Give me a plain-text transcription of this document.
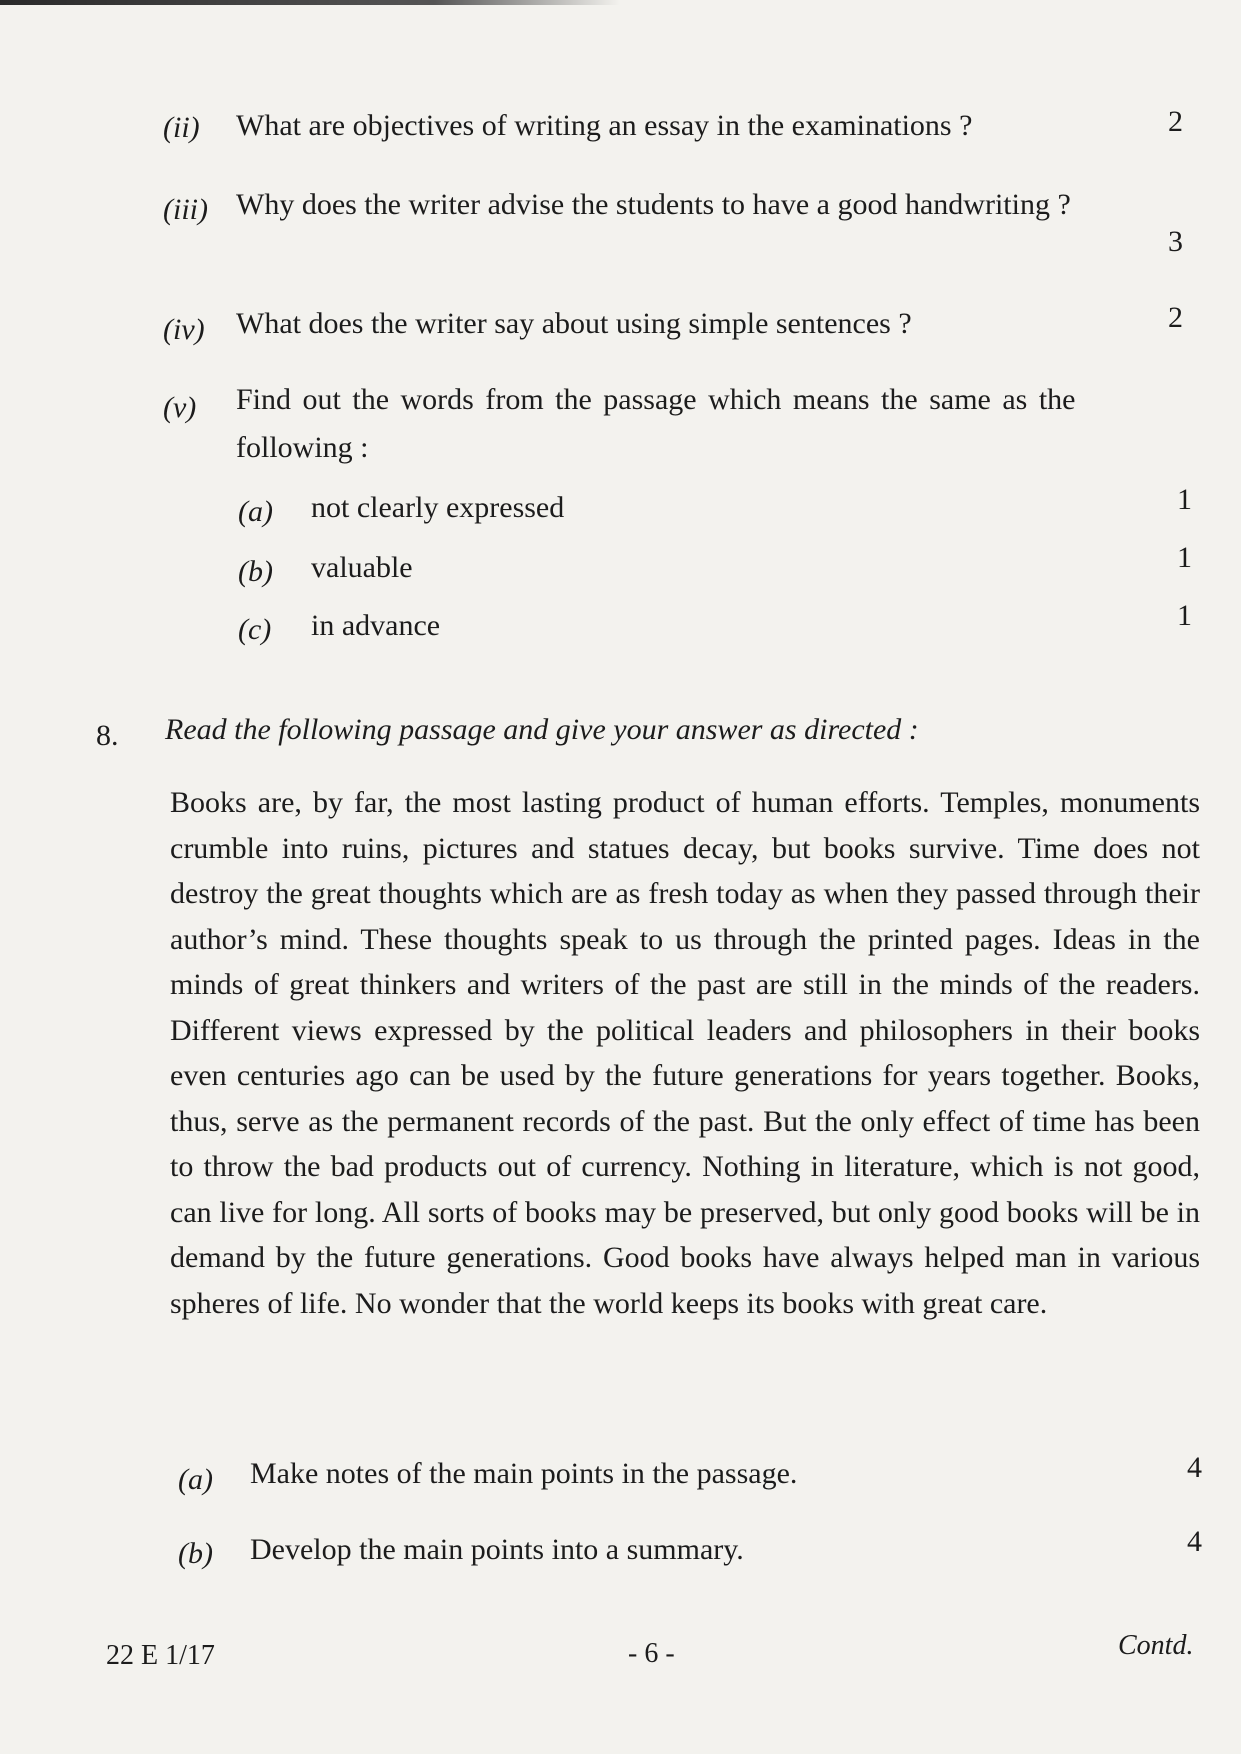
(ii) What are objectives of writing an essay in the examinations ?	2
(iii) Why does the writer advise the students to have a good handwriting ?
3
(iv) What does the writer say about using simple sentences ?	2
(v) Find out the words from the passage which means the same as the
following :
(a) not clearly expressed	1
(b) valuable	1
(c) in advance	1
8. Read the following passage and give your answer as directed :
Books are, by far, the most lasting product of human efforts. Temples, monuments crumble into ruins, pictures and statues decay, but books survive. Time does not destroy the great thoughts which are as fresh today as when they passed through their author’s mind. These thoughts speak to us through the printed pages. Ideas in the minds of great thinkers and writers of the past are still in the minds of the readers. Different views expressed by the political leaders and philosophers in their books even centuries ago can be used by the future generations for years together. Books, thus, serve as the permanent records of the past. But the only effect of time has been to throw the bad products out of currency. Nothing in literature, which is not good, can live for long. All sorts of books may be preserved, but only good books will be in demand by the future generations. Good books have always helped man in various spheres of life. No wonder that the world keeps its books with great care.
(a) Make notes of the main points in the passage.	4
(b) Develop the main points into a summary.	4
22 E 1/17	- 6 -	Contd.
